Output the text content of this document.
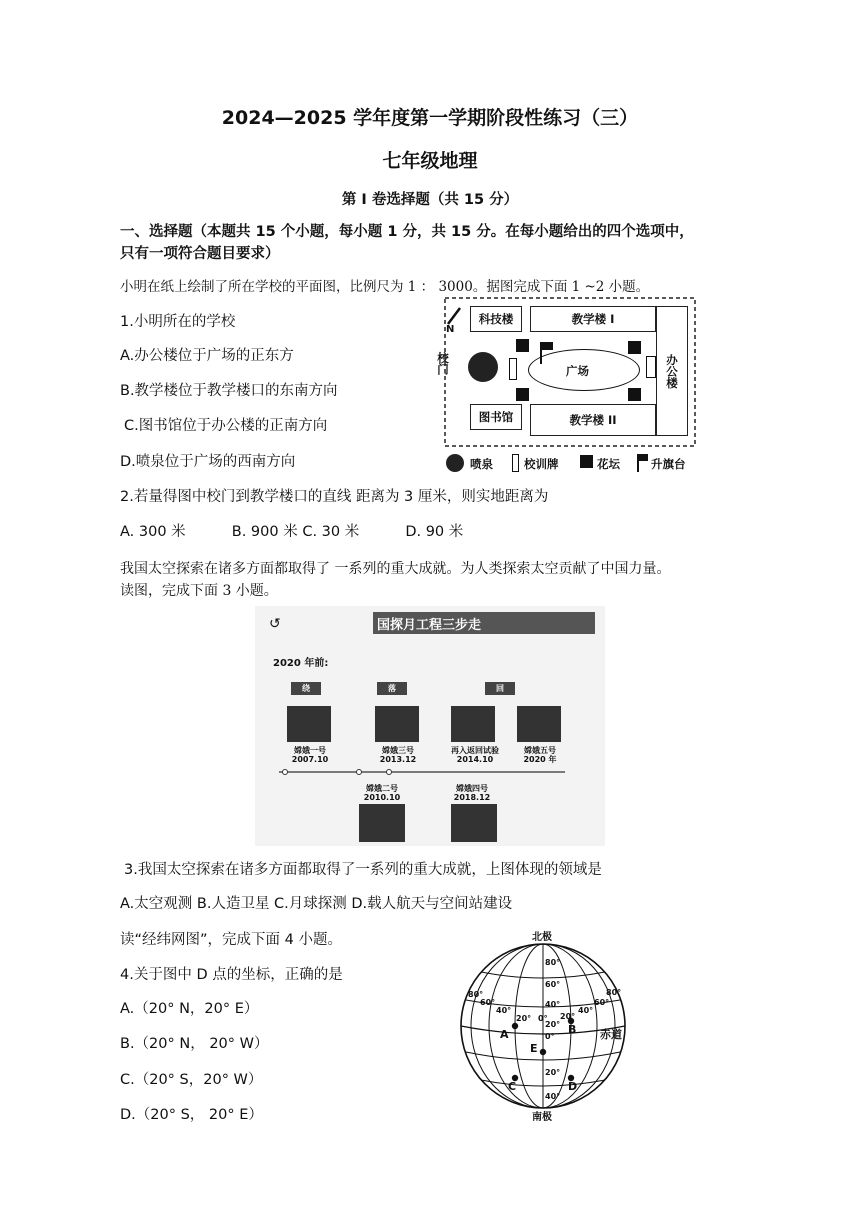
2024—2025 学年度第一学期阶段性练习（三）
七年级地理
第 I 卷选择题（共 15 分）
一、选择题（本题共 15 个小题，每小题 1 分，共 15 分。在每小题给出的四个选项中，
只有一项符合题目要求）
小明在纸上绘制了所在学校的平面图，比例尺为 1 ： 3000。据图完成下面 1 ~2 小题。
1.小明所在的学校
A.办公楼位于广场的正东方
B.教学楼位于教学楼口的东南方向
C.图书馆位于办公楼的正南方向
D.喷泉位于广场的西南方向
N
校门
科技楼	教学楼 I
办公楼
图书馆	教学楼 II
广场
喷泉	校训牌	花坛	升旗台
2.若量得图中校门到教学楼口的直线 距离为 3 厘米，则实地距离为
A. 300 米          B. 900 米 C. 30 米          D. 90 米
我国太空探索在诸多方面都取得了 一系列的重大成就。为人类探索太空贡献了中国力量。
读图，完成下面 3 小题。
国探月工程三步走
↺
2020 年前:
绕	落	回
嫦娥一号
2007.10
嫦娥三号
2013.12
再入返回试验
2014.10
嫦娥五号
2020 年
嫦娥二号
2010.10
嫦娥四号
2018.12
3.我国太空探索在诸多方面都取得了一系列的重大成就，上图体现的领域是
A.太空观测 B.人造卫星 C.月球探测 D.载人航天与空间站建设
读“经纬网图”，完成下面 4 小题。
4.关于图中 D 点的坐标，正确的是
A.（20° N，20° E）
B.（20° N， 20° W）
C.（20° S，20° W）
D.（20° S， 20° E）
北极
南极
赤道
A	B
C	D
E
80°
60°
40°
20°
0°
20°
40°
80°
60°
40°
20° 0° 20°
40°
60°
80°
